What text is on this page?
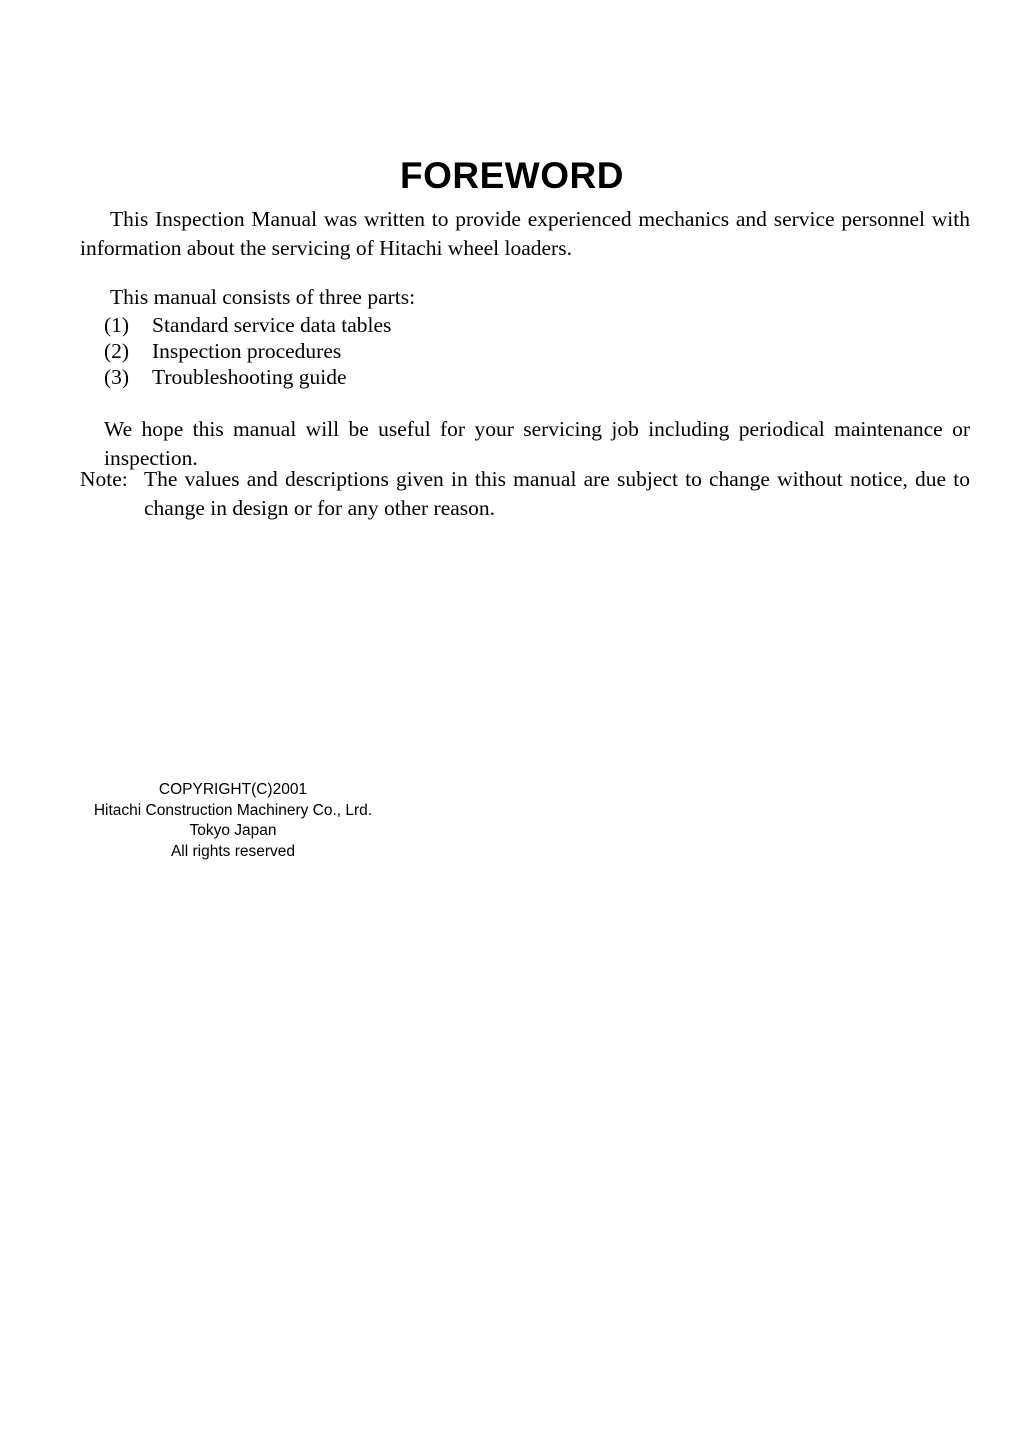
FOREWORD

This Inspection Manual was written to provide experienced mechanics and service personnel with information about the servicing of Hitachi wheel loaders.

This manual consists of three parts:

(1)	Standard service data tables
(2)	Inspection procedures
(3)	Troubleshooting guide

We hope this manual will be useful for your servicing job including periodical maintenance or inspection.

Note: The values and descriptions given in this manual are subject to change without notice, due to change in design or for any other reason.
COPYRIGHT(C)2001
Hitachi Construction Machinery Co., Lrd.
Tokyo Japan
All rights reserved
